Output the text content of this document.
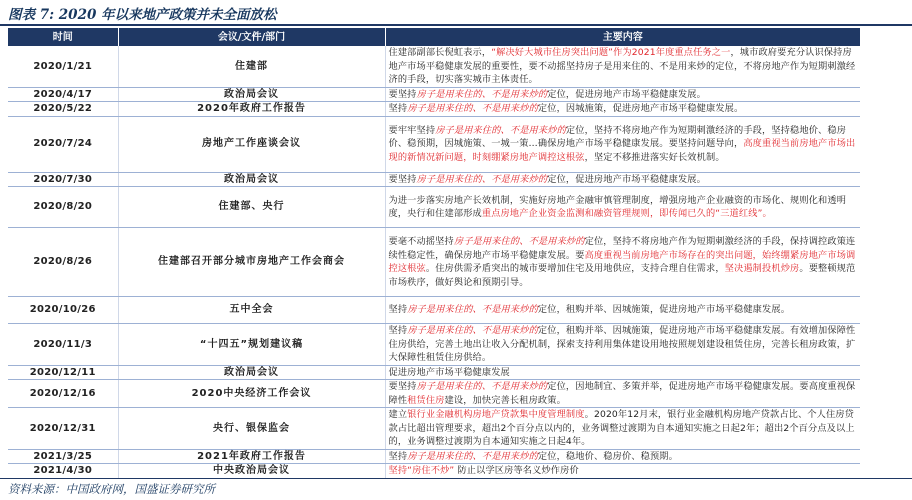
图表 7: 2020 年以来地产政策并未全面放松
时间	会议/文件/部门	主要内容
2020/1/21	住建部	住建部副部长倪虹表示，“解决好大城市住房突出问题”作为2021年度重点任务之一，城市政府要充分认识保持房地产市场平稳健康发展的重要性，要不动摇坚持房子是用来住的、不是用来炒的定位，不将房地产作为短期刺激经济的手段，切实落实城市主体责任。
2020/4/17	政治局会议	要坚持房子是用来住的、不是用来炒的定位，促进房地产市场平稳健康发展。
2020/5/22	2020年政府工作报告	坚持房子是用来住的、不是用来炒的定位，因城施策，促进房地产市场平稳健康发展。
2020/7/24	房地产工作座谈会议	要牢牢坚持房子是用来住的、不是用来炒的定位，坚持不将房地产作为短期刺激经济的手段，坚持稳地价、稳房价、稳预期，因城施策、一城一策…确保房地产市场平稳健康发展。要坚持问题导向，高度重视当前房地产市场出现的新情况新问题，时刻绷紧房地产调控这根弦，坚定不移推进落实好长效机制。
2020/7/30	政治局会议	要坚持房子是用来住的、不是用来炒的定位，促进房地产市场平稳健康发展。
2020/8/20	住建部、央行	为进一步落实房地产长效机制，实施好房地产金融审慎管理制度，增强房地产企业融资的市场化、规则化和透明度，央行和住建部形成重点房地产企业资金监测和融资管理规则，即传闻已久的“三道红线”。
2020/8/26	住建部召开部分城市房地产工作会商会	要毫不动摇坚持房子是用来住的、不是用来炒的定位，坚持不将房地产作为短期刺激经济的手段，保持调控政策连续性稳定性，确保房地产市场平稳健康发展。要高度重视当前房地产市场存在的突出问题，始终绷紧房地产市场调控这根弦。住房供需矛盾突出的城市要增加住宅及用地供应，支持合理自住需求，坚决遏制投机炒房。要整顿规范市场秩序，做好舆论和预期引导。
2020/10/26	五中全会	坚持房子是用来住的、不是用来炒的定位，租购并举、因城施策，促进房地产市场平稳健康发展。
2020/11/3	“十四五”规划建议稿	坚持房子是用来住的、不是用来炒的定位，租购并举、因城施策，促进房地产市场平稳健康发展。有效增加保障性住房供给，完善土地出让收入分配机制，探索支持利用集体建设用地按照规划建设租赁住房，完善长租房政策，扩大保障性租赁住房供给。
2020/12/11	政治局会议	促进房地产市场平稳健康发展
2020/12/16	2020中央经济工作会议	要坚持房子是用来住的、不是用来炒的定位，因地制宜、多策并举，促进房地产市场平稳健康发展。要高度重视保障性租赁住房建设，加快完善长租房政策。
2020/12/31	央行、银保监会	建立银行业金融机构房地产贷款集中度管理制度。2020年12月末，银行业金融机构房地产贷款占比、个人住房贷款占比超出管理要求，超出2个百分点以内的，业务调整过渡期为自本通知实施之日起2年；超出2个百分点及以上的，业务调整过渡期为自本通知实施之日起4年。
2021/3/25	2021年政府工作报告	坚持房子是用来住的、不是用来炒的定位，稳地价、稳房价、稳预期。
2021/4/30	中央政治局会议	坚持“房住不炒” 防止以学区房等名义炒作房价
资料来源：中国政府网，国盛证券研究所
